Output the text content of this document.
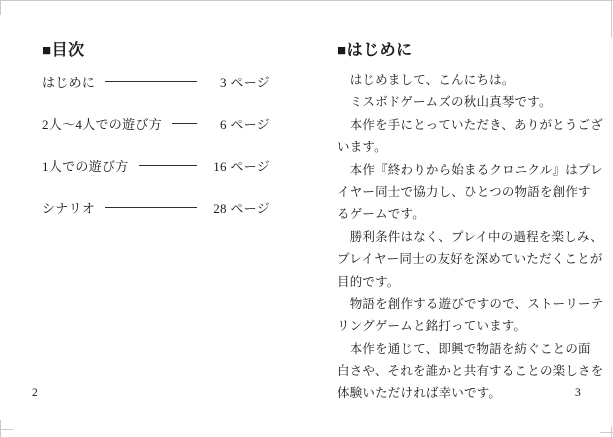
■目次
はじめに	3 ページ
2人〜4人での遊び方	6 ページ
1人での遊び方	16 ページ
シナリオ	28 ページ
■はじめに
　はじめまして、こんにちは。
　ミスボドゲームズの秋山真琴です。
　本作を手にとっていただき、ありがとうござ
います。
　本作『終わりから始まるクロニクル』はプレ
イヤー同士で協力し、ひとつの物語を創作す
るゲームです。
　勝利条件はなく、プレイ中の過程を楽しみ、
プレイヤー同士の友好を深めていただくことが
目的です。
　物語を創作する遊びですので、ストーリーテ
リングゲームと銘打っています。
　本作を通じて、即興で物語を紡ぐことの面
白さや、それを誰かと共有することの楽しさを
体験いただければ幸いです。
2	3
